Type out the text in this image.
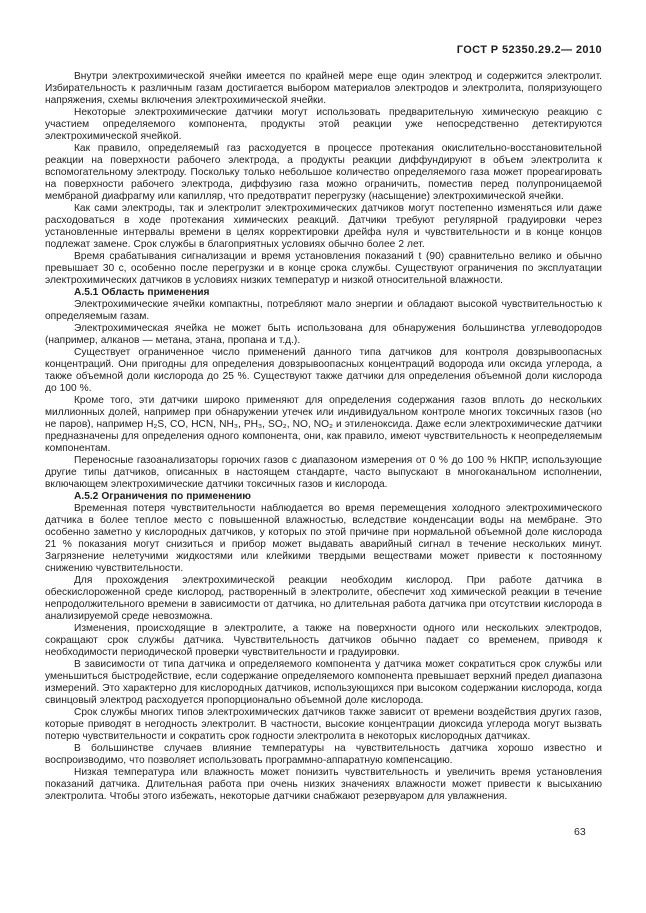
ГОСТ Р 52350.29.2— 2010

Внутри электрохимической ячейки имеется по крайней мере еще один электрод и содержится электролит. Избирательность к различным газам достигается выбором материалов электродов и электролита, поляризующего напряжения, схемы включения электрохимической ячейки.

Некоторые электрохимические датчики могут использовать предварительную химическую реакцию с участием определяемого компонента, продукты этой реакции уже непосредственно детектируются электрохимической ячейкой.

Как правило, определяемый газ расходуется в процессе протекания окислительно-восстановительной реакции на поверхности рабочего электрода, а продукты реакции диффундируют в объем электролита к вспомогательному электроду. Поскольку только небольшое количество определяемого газа может прореагировать на поверхности рабочего электрода, диффузию газа можно ограничить, поместив перед полупроницаемой мембраной диафрагму или капилляр, что предотвратит перегрузку (насыщение) электрохимической ячейки.

Как сами электроды, так и электролит электрохимических датчиков могут постепенно изменяться или даже расходоваться в ходе протекания химических реакций. Датчики требуют регулярной градуировки через установленные интервалы времени в целях корректировки дрейфа нуля и чувствительности и в конце концов подлежат замене. Срок службы в благоприятных условиях обычно более 2 лет.

Время срабатывания сигнализации и время установления показаний t (90) сравнительно велико и обычно превышает 30 с, особенно после перегрузки и в конце срока службы. Существуют ограничения по эксплуатации электрохимических датчиков в условиях низких температур и низкой относительной влажности.

А.5.1 Область применения

Электрохимические ячейки компактны, потребляют мало энергии и обладают высокой чувствительностью к определяемым газам.

Электрохимическая ячейка не может быть использована для обнаружения большинства углеводородов (например, алканов — метана, этана, пропана и т.д.).

Существует ограниченное число применений данного типа датчиков для контроля довзрывоопасных концентраций. Они пригодны для определения довзрывоопасных концентраций водорода или оксида углерода, а также объемной доли кислорода до 25 %. Существуют также датчики для определения объемной доли кислорода до 100 %.

Кроме того, эти датчики широко применяют для определения содержания газов вплоть до нескольких миллионных долей, например при обнаружении утечек или индивидуальном контроле многих токсичных газов (но не паров), например H₂S, CO, HCN, NH₃, PH₃, SO₂, NO, NO₂ и этиленоксида. Даже если электрохимические датчики предназначены для определения одного компонента, они, как правило, имеют чувствительность к неопределяемым компонентам.

Переносные газоанализаторы горючих газов с диапазоном измерения от 0 % до 100 % НКПР, использующие другие типы датчиков, описанных в настоящем стандарте, часто выпускают в многоканальном исполнении, включающем электрохимические датчики токсичных газов и кислорода.

А.5.2 Ограничения по применению

Временная потеря чувствительности наблюдается во время перемещения холодного электрохимического датчика в более теплое место с повышенной влажностью, вследствие конденсации воды на мембране. Это особенно заметно у кислородных датчиков, у которых по этой причине при нормальной объемной доле кислорода 21 % показания могут снизиться и прибор может выдавать аварийный сигнал в течение нескольких минут. Загрязнение нелетучими жидкостями или клейкими твердыми веществами может привести к постоянному снижению чувствительности.

Для прохождения электрохимической реакции необходим кислород. При работе датчика в обескислороженной среде кислород, растворенный в электролите, обеспечит ход химической реакции в течение непродолжительного времени в зависимости от датчика, но длительная работа датчика при отсутствии кислорода в анализируемой среде невозможна.

Изменения, происходящие в электролите, а также на поверхности одного или нескольких электродов, сокращают срок службы датчика. Чувствительность датчиков обычно падает со временем, приводя к необходимости периодической проверки чувствительности и градуировки.

В зависимости от типа датчика и определяемого компонента у датчика может сократиться срок службы или уменьшиться быстродействие, если содержание определяемого компонента превышает верхний предел диапазона измерений. Это характерно для кислородных датчиков, использующихся при высоком содержании кислорода, когда свинцовый электрод расходуется пропорционально объемной доле кислорода.

Срок службы многих типов электрохимических датчиков также зависит от времени воздействия других газов, которые приводят в негодность электролит. В частности, высокие концентрации диоксида углерода могут вызвать потерю чувствительности и сократить срок годности электролита в некоторых кислородных датчиках.

В большинстве случаев влияние температуры на чувствительность датчика хорошо известно и воспроизводимо, что позволяет использовать программно-аппаратную компенсацию.

Низкая температура или влажность может понизить чувствительность и увеличить время установления показаний датчика. Длительная работа при очень низких значениях влажности может привести к высыханию электролита. Чтобы этого избежать, некоторые датчики снабжают резервуаром для увлажнения.

63
